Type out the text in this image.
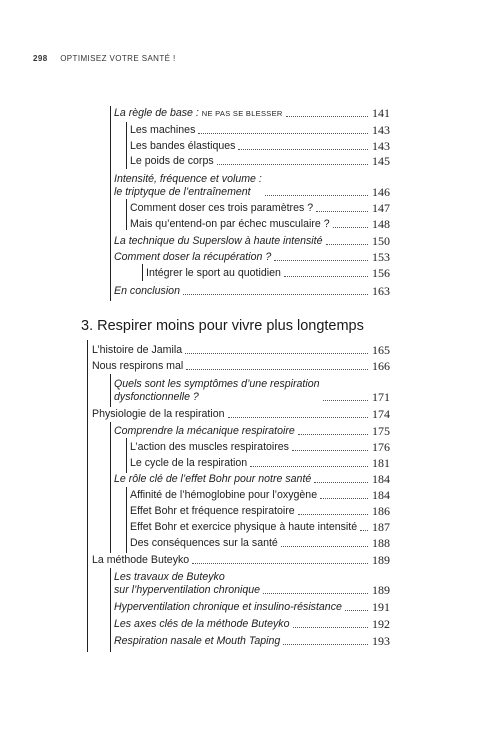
298 OPTIMISEZ VOTRE SANTÉ !
La règle de base : NE PAS SE BLESSER	141
Les machines	143
Les bandes élastiques	143
Le poids de corps	145
Intensité, fréquence et volume :
le triptyque de l’entraînement	146
Comment doser ces trois paramètres ?	147
Mais qu’entend-on par échec musculaire ?	148
La technique du Superslow à haute intensité	150
Comment doser la récupération ?	153
Intégrer le sport au quotidien	156
En conclusion	163
3. Respirer moins pour vivre plus longtemps
L’histoire de Jamila	165
Nous respirons mal	166
Quels sont les symptômes d’une respiration
dysfonctionnelle ?	171
Physiologie de la respiration	174
Comprendre la mécanique respiratoire	175
L’action des muscles respiratoires	176
Le cycle de la respiration	181
Le rôle clé de l’effet Bohr pour notre santé	184
Affinité de l’hémoglobine pour l’oxygène	184
Effet Bohr et fréquence respiratoire	186
Effet Bohr et exercice physique à haute intensité 187
Des conséquences sur la santé	188
La méthode Buteyko	189
Les travaux de Buteyko
sur l’hyperventilation chronique	189
Hyperventilation chronique et insulino-résistance	191
Les axes clés de la méthode Buteyko	192
Respiration nasale et Mouth Taping	193
